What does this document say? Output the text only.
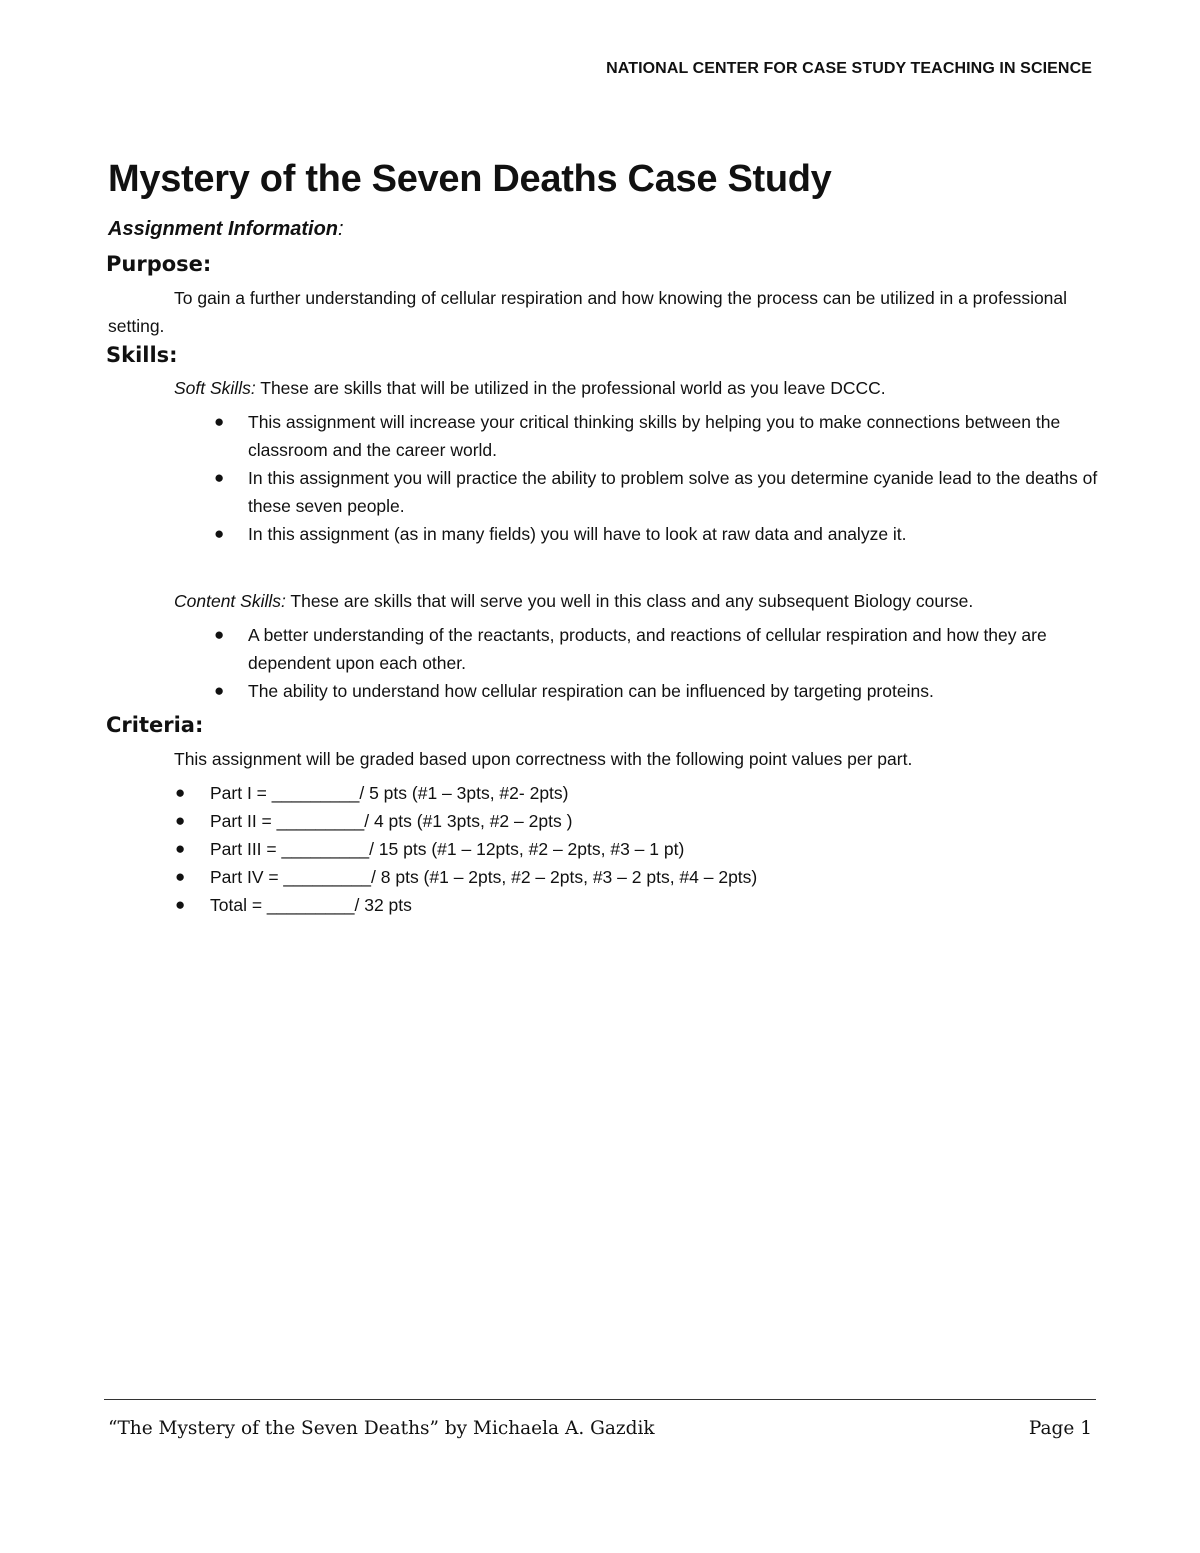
NATIONAL CENTER FOR CASE STUDY TEACHING IN SCIENCE
Mystery of the Seven Deaths Case Study
Assignment Information:
Purpose:

To gain a further understanding of cellular respiration and how knowing the process can be utilized in a professional setting.

Skills:

Soft Skills: These are skills that will be utilized in the professional world as you leave DCCC.

● This assignment will increase your critical thinking skills by helping you to make connections between the classroom and the career world.
● In this assignment you will practice the ability to problem solve as you determine cyanide lead to the deaths of these seven people.
● In this assignment (as in many fields) you will have to look at raw data and analyze it.

Content Skills: These are skills that will serve you well in this class and any subsequent Biology course.

● A better understanding of the reactants, products, and reactions of cellular respiration and how they are dependent upon each other.
● The ability to understand how cellular respiration can be influenced by targeting proteins.
Criteria:

This assignment will be graded based upon correctness with the following point values per part.

● Part I = _________/ 5 pts (#1 – 3pts, #2- 2pts)
● Part II = _________/ 4 pts (#1 3pts, #2 – 2pts )
● Part III = _________/ 15 pts (#1 – 12pts, #2 – 2pts, #3 – 1 pt)
● Part IV = _________/ 8 pts (#1 – 2pts, #2 – 2pts, #3 – 2 pts, #4 – 2pts)
● Total = _________/ 32 pts
“The Mystery of the Seven Deaths” by Michaela A. Gazdik	Page 1
